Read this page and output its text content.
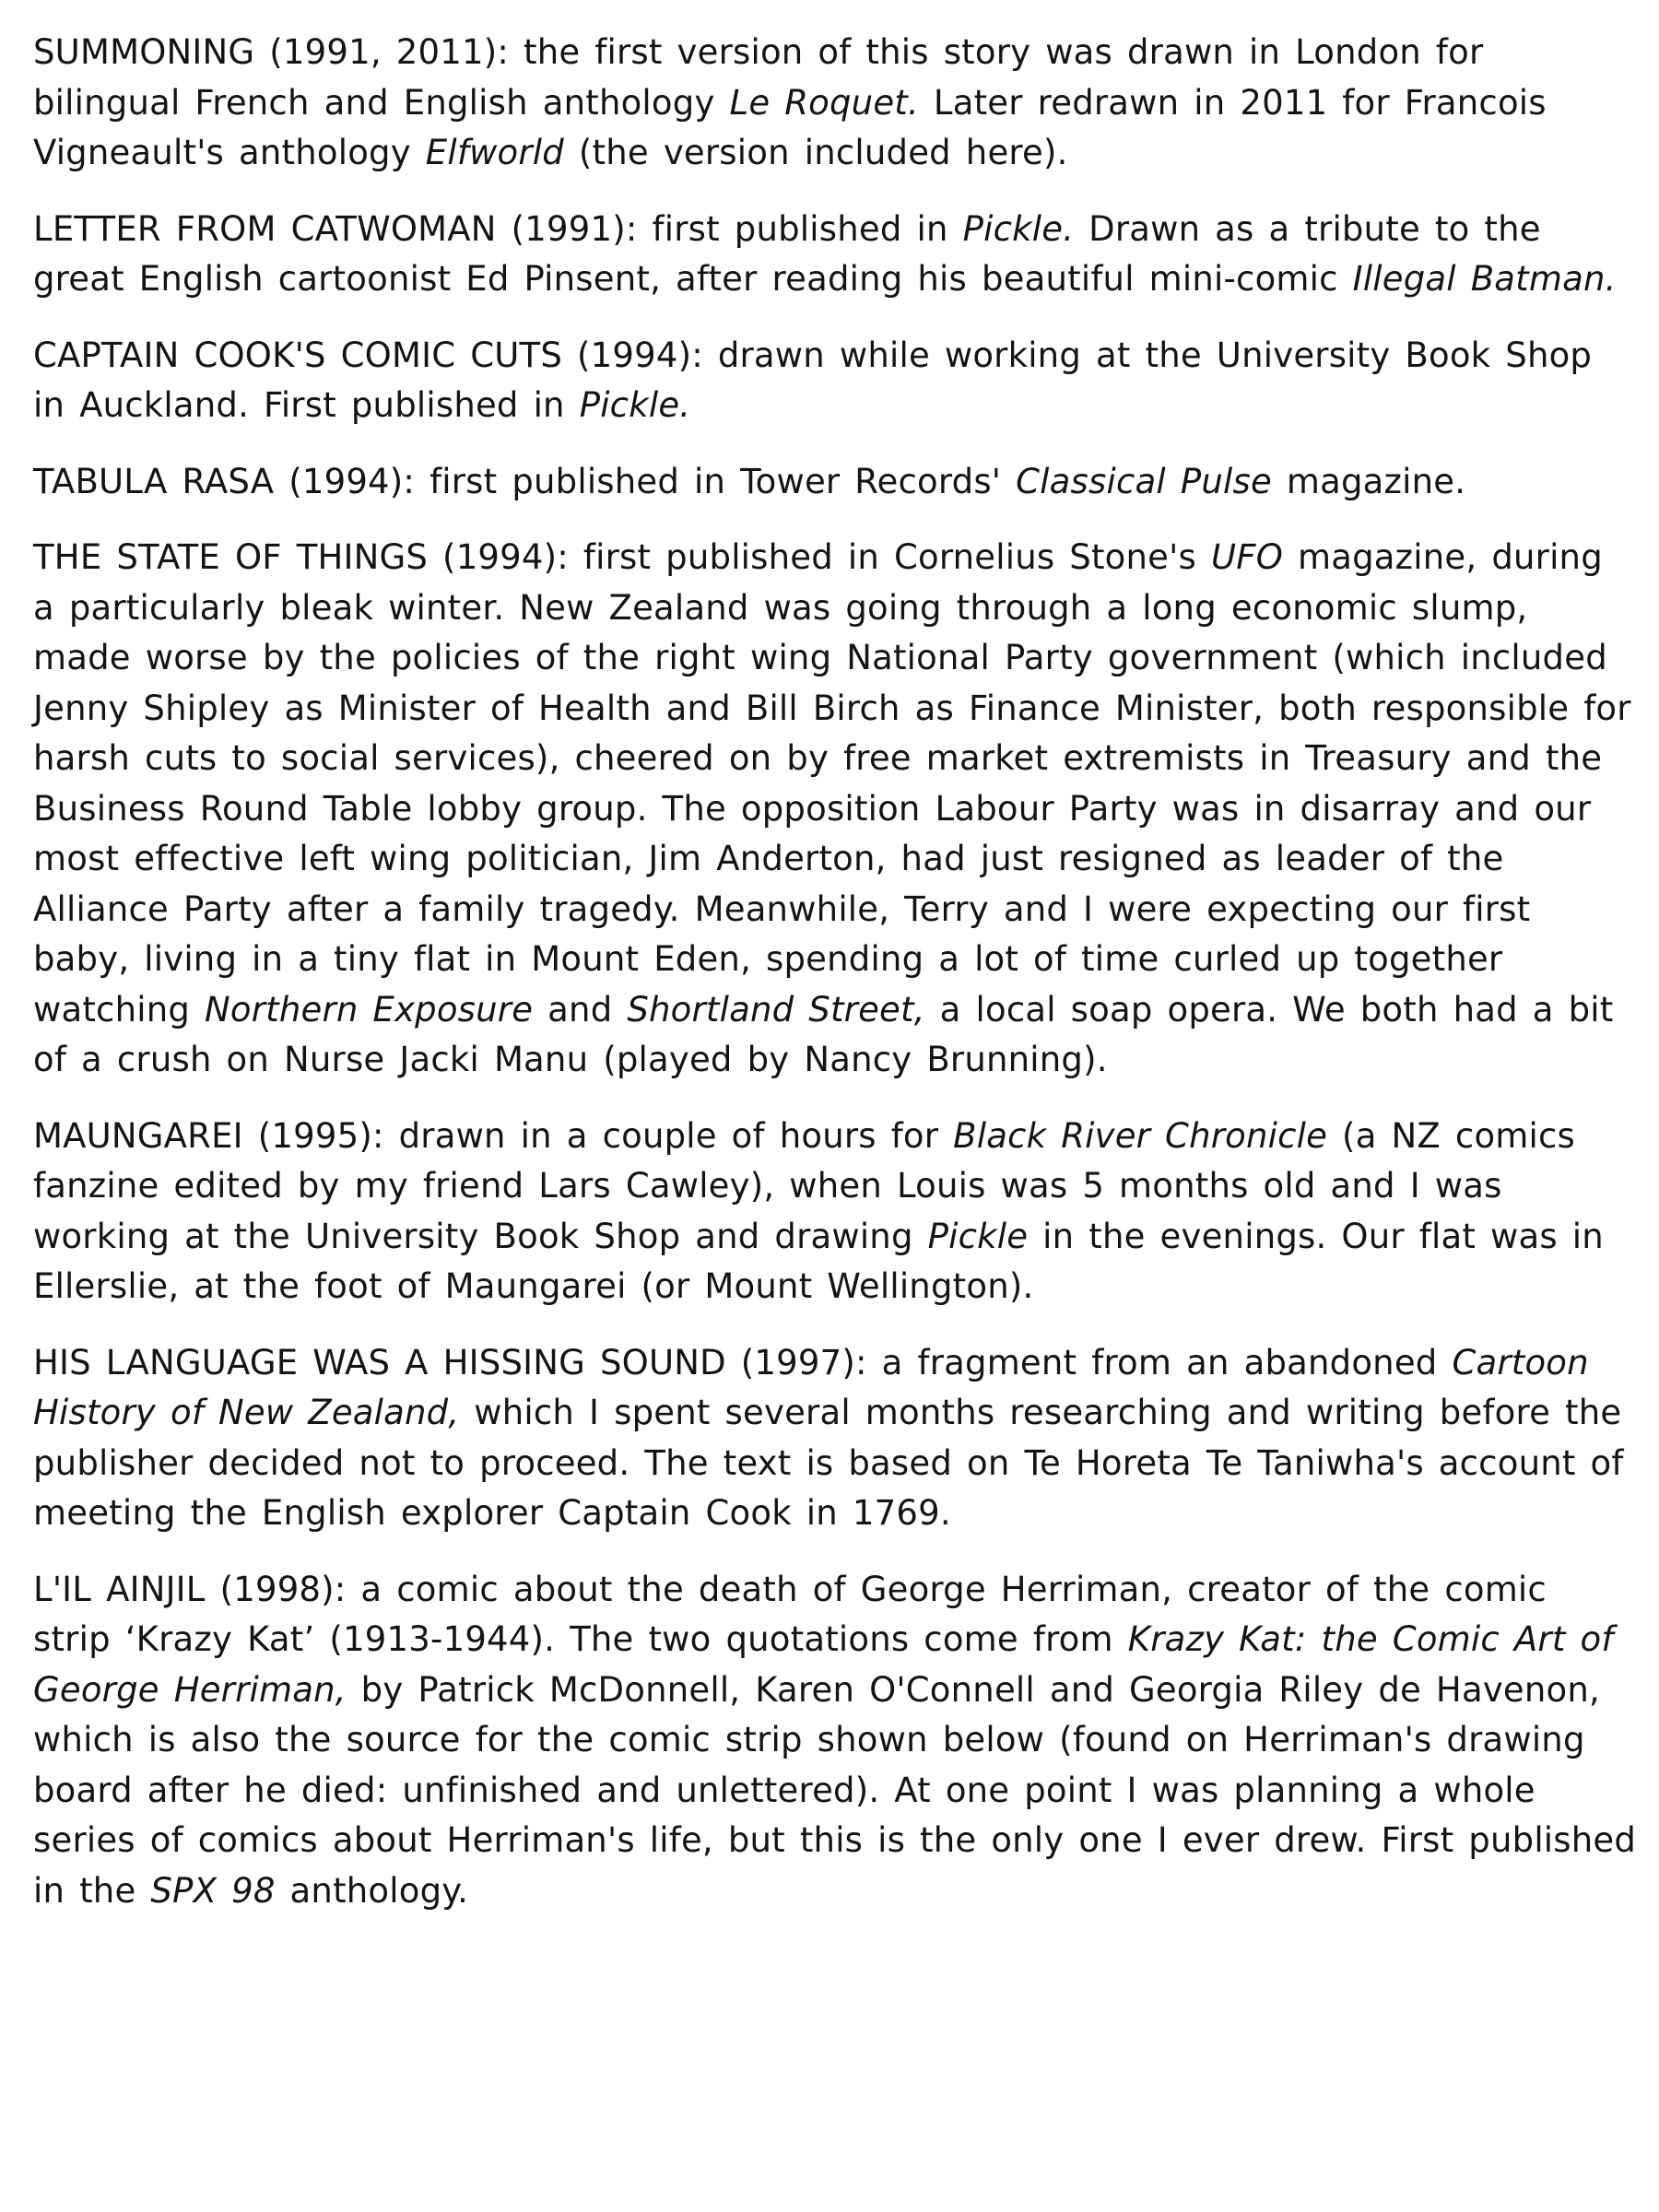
SUMMONING (1991, 2011): the first version of this story was drawn in London for bilingual French and English anthology Le Roquet. Later redrawn in 2011 for Francois Vigneault's anthology Elfworld (the version included here).

LETTER FROM CATWOMAN (1991): first published in Pickle. Drawn as a tribute to the great English cartoonist Ed Pinsent, after reading his beautiful mini-comic Illegal Batman.

CAPTAIN COOK'S COMIC CUTS (1994): drawn while working at the University Book Shop in Auckland. First published in Pickle.

TABULA RASA (1994): first published in Tower Records' Classical Pulse magazine.

THE STATE OF THINGS (1994): first published in Cornelius Stone's UFO magazine, during a particularly bleak winter. New Zealand was going through a long economic slump, made worse by the policies of the right wing National Party government (which included Jenny Shipley as Minister of Health and Bill Birch as Finance Minister, both responsible for harsh cuts to social services), cheered on by free market extremists in Treasury and the Business Round Table lobby group. The opposition Labour Party was in disarray and our most effective left wing politician, Jim Anderton, had just resigned as leader of the Alliance Party after a family tragedy. Meanwhile, Terry and I were expecting our first baby, living in a tiny flat in Mount Eden, spending a lot of time curled up together watching Northern Exposure and Shortland Street, a local soap opera. We both had a bit of a crush on Nurse Jacki Manu (played by Nancy Brunning).

MAUNGAREI (1995): drawn in a couple of hours for Black River Chronicle (a NZ comics fanzine edited by my friend Lars Cawley), when Louis was 5 months old and I was working at the University Book Shop and drawing Pickle in the evenings. Our flat was in Ellerslie, at the foot of Maungarei (or Mount Wellington).

HIS LANGUAGE WAS A HISSING SOUND (1997): a fragment from an abandoned Cartoon History of New Zealand, which I spent several months researching and writing before the publisher decided not to proceed. The text is based on Te Horeta Te Taniwha's account of meeting the English explorer Captain Cook in 1769.

L'IL AINJIL (1998): a comic about the death of George Herriman, creator of the comic strip ‘Krazy Kat’ (1913-1944). The two quotations come from Krazy Kat: the Comic Art of George Herriman, by Patrick McDonnell, Karen O'Connell and Georgia Riley de Havenon, which is also the source for the comic strip shown below (found on Herriman's drawing board after he died: unfinished and unlettered). At one point I was planning a whole series of comics about Herriman's life, but this is the only one I ever drew. First published in the SPX 98 anthology.
